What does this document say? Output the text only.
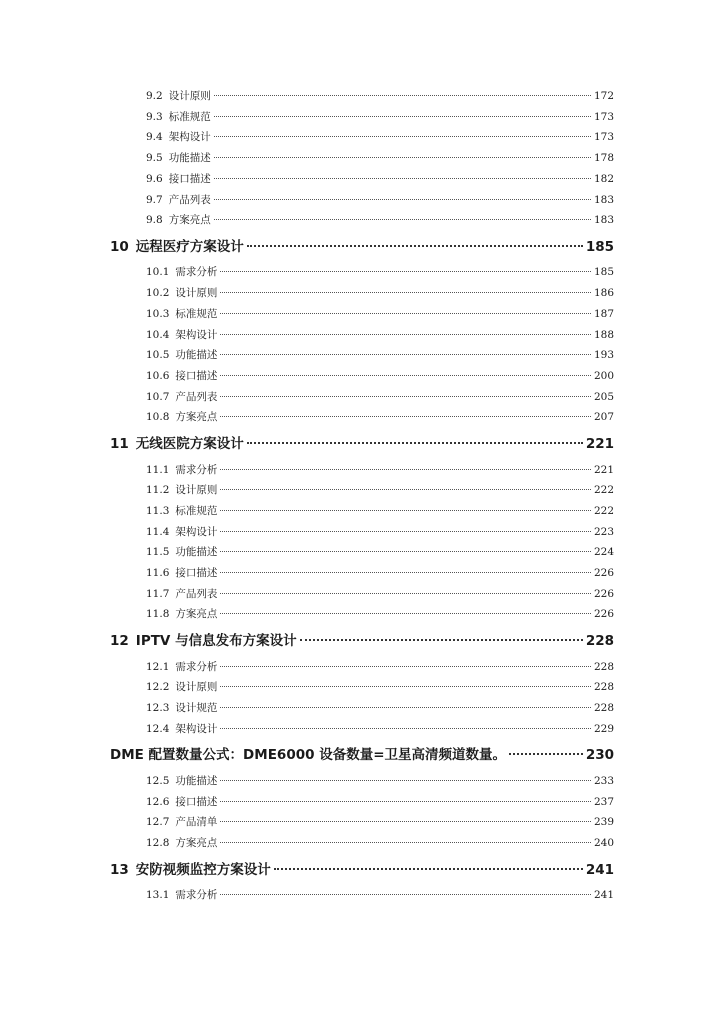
9.2 设计原则	172
9.3 标准规范	173
9.4 架构设计	173
9.5 功能描述	178
9.6 接口描述	182
9.7 产品列表	183
9.8 方案亮点	183
10 远程医疗方案设计	185
10.1 需求分析	185
10.2 设计原则	186
10.3 标准规范	187
10.4 架构设计	188
10.5 功能描述	193
10.6 接口描述	200
10.7 产品列表	205
10.8 方案亮点	207
11 无线医院方案设计	221
11.1 需求分析	221
11.2 设计原则	222
11.3 标准规范	222
11.4 架构设计	223
11.5 功能描述	224
11.6 接口描述	226
11.7 产品列表	226
11.8 方案亮点	226
12 IPTV 与信息发布方案设计	228
12.1 需求分析	228
12.2 设计原则	228
12.3 设计规范	228
12.4 架构设计	229
DME 配置数量公式：DME6000 设备数量=卫星高清频道数量。	230
12.5 功能描述	233
12.6 接口描述	237
12.7 产品清单	239
12.8 方案亮点	240
13 安防视频监控方案设计	241
13.1 需求分析	241
